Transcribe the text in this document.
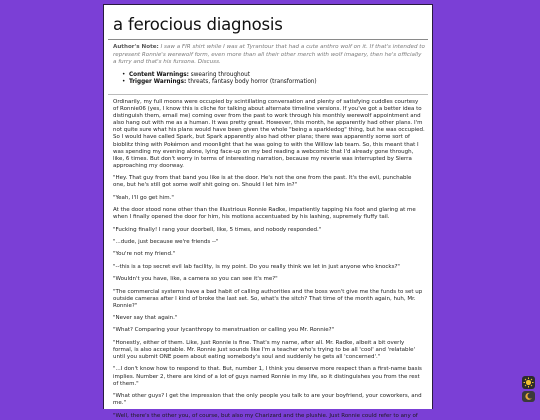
a ferocious diagnosis
Author's Note: I saw a FIR shirt while I was at Tyrantour that had a cute anthro wolf on it. If that's intended to represent Ronnie's werewolf form, even more than all their other merch with wolf imagery, then he's officially a furry and that's his fursona. Discuss.
• Content Warnings: swearing throughout
• Trigger Warnings: threats, fantasy body horror (transformation)

Ordinarily, my full moons were occupied by scintillating conversation and plenty of satisfying cuddles courtesy of Ronnie06 (yes, I know this is cliche for talking about alternate timeline versions. If you've got a better idea to distinguish them, email me) coming over from the past to work through his monthly werewolf appointment and also hang out with me as a human. It was pretty great. However, this month, he apparently had other plans. I'm not quite sure what his plans would have been given the whole "being a sparkledog" thing, but he was occupied. So I would have called Spark, but Spark apparently also had other plans; there was apparently some sort of bioblitz thing with Pokémon and moonlight that he was going to with the Willow lab team. So, this meant that I was spending my evening alone, lying face-up on my bed reading a webcomic that I'd already gone through, like, 6 times. But don't worry in terms of interesting narration, because my reverie was interrupted by Sierra approaching my doorway.

"Hey. That guy from that band you like is at the door. He's not the one from the past. It's the evil, punchable one, but he's still got some wolf shit going on. Should I let him in?"

"Yeah, I'll go get him."

At the door stood none other than the illustrious Ronnie Radke, impatiently tapping his foot and glaring at me when I finally opened the door for him, his motions accentuated by his lashing, supremely fluffy tail.

"Fucking finally! I rang your doorbell, like, 5 times, and nobody responded."

"...dude, just because we're friends --"

"You're not my friend."

"--this is a top secret evil lab facility, is my point. Do you really think we let in just anyone who knocks?"

"Wouldn't you have, like, a camera so you can see it's me?"

"The commercial systems have a bad habit of calling authorities and the boss won't give me the funds to set up outside cameras after I kind of broke the last set. So, what's the sitch? That time of the month again, huh, Mr. Ronnie?"

"Never say that again."

"What? Comparing your lycanthropy to menstruation or calling you Mr. Ronnie?"

"Honestly, either of them. Like, just Ronnie is fine. That's my name, after all. Mr. Radke, albeit a bit overly formal, is also acceptable. Mr. Ronnie just sounds like I'm a teacher who's trying to be all 'cool' and 'relatable' until you submit ONE poem about eating somebody's soul and suddenly he gets all 'concerned'."

"...I don't know how to respond to that. But, number 1, I think you deserve more respect than a first-name basis implies. Number 2, there are kind of a lot of guys named Ronnie in my life, so it distinguishes you from the rest of them."

"What other guys? I get the impression that the only people you talk to are your boyfriend, your coworkers, and me."

"Well, there's the other you, of course, but also my Charizard and the plushie. Just Ronnie could refer to any of
